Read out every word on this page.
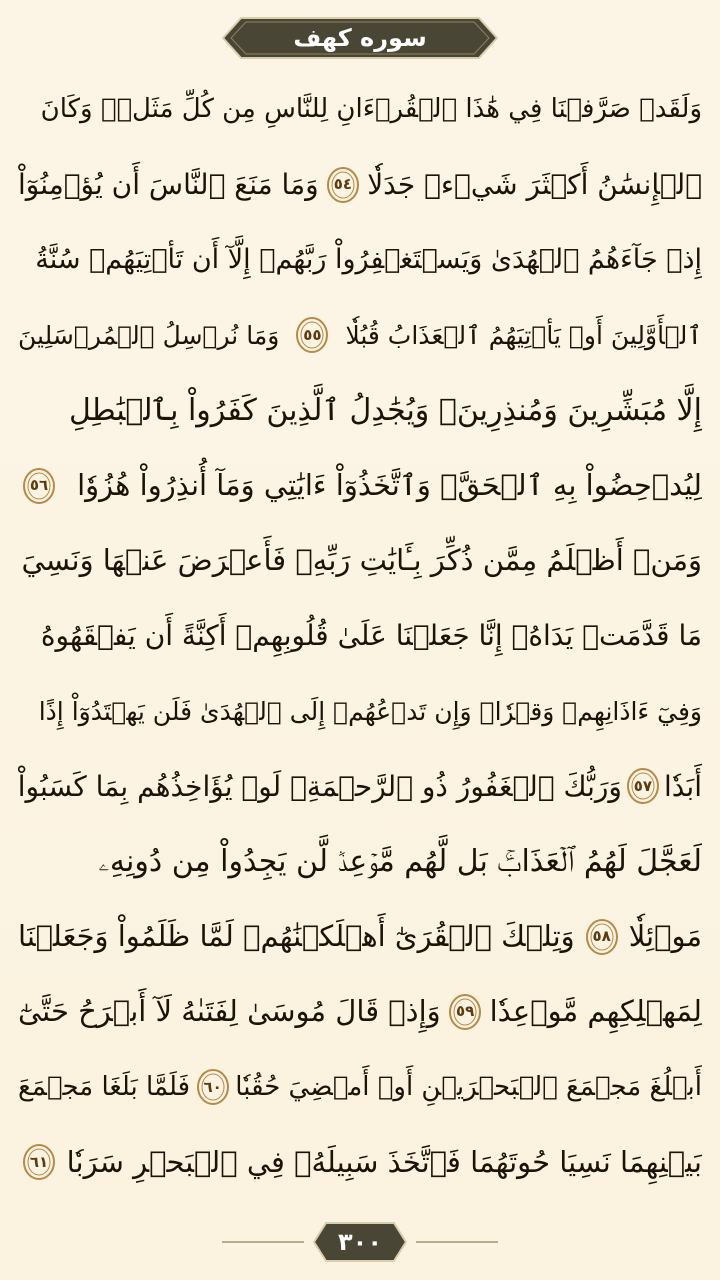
سوره کهف
وَلَقَدۡ صَرَّفۡنَا فِي هَٰذَا ٱلۡقُرۡءَانِ لِلنَّاسِ مِن كُلِّ مَثَلٖۚ وَكَانَ
ٱلۡإِنسَٰنُ أَكۡثَرَ شَيۡءٖ جَدَلٗا
٥٤
وَمَا مَنَعَ ٱلنَّاسَ أَن يُؤۡمِنُوٓاْ
إِذۡ جَآءَهُمُ ٱلۡهُدَىٰ وَيَسۡتَغۡفِرُواْ رَبَّهُمۡ إِلَّآ أَن تَأۡتِيَهُمۡ سُنَّةُ
ٱلۡأَوَّلِينَ أَوۡ يَأۡتِيَهُمُ ٱلۡعَذَابُ قُبُلٗا
٥٥
وَمَا نُرۡسِلُ ٱلۡمُرۡسَلِينَ
إِلَّا مُبَشِّرِينَ وَمُنذِرِينَۚ وَيُجَٰدِلُ ٱلَّذِينَ كَفَرُواْ بِٱلۡبَٰطِلِ
لِيُدۡحِضُواْ بِهِ ٱلۡحَقَّۖ وَٱتَّخَذُوٓاْ ءَايَٰتِي وَمَآ أُنذِرُواْ هُزُوٗا
٥٦
وَمَنۡ أَظۡلَمُ مِمَّن ذُكِّرَ بِـَٔايَٰتِ رَبِّهِۦ فَأَعۡرَضَ عَنۡهَا وَنَسِيَ
مَا قَدَّمَتۡ يَدَاهُۚ إِنَّا جَعَلۡنَا عَلَىٰ قُلُوبِهِمۡ أَكِنَّةً أَن يَفۡقَهُوهُ
وَفِيٓ ءَاذَانِهِمۡ وَقۡرٗاۖ وَإِن تَدۡعُهُمۡ إِلَى ٱلۡهُدَىٰ فَلَن يَهۡتَدُوٓاْ إِذًا
أَبَدٗا
٥٧
وَرَبُّكَ ٱلۡغَفُورُ ذُو ٱلرَّحۡمَةِۖ لَوۡ يُؤَاخِذُهُم بِمَا كَسَبُواْ
لَعَجَّلَ لَهُمُ ٱلۡعَذَابَۚ بَل لَّهُم مَّوۡعِدٞ لَّن يَجِدُواْ مِن دُونِهِۦ
مَوۡئِلٗا
٥٨
وَتِلۡكَ ٱلۡقُرَىٰٓ أَهۡلَكۡنَٰهُمۡ لَمَّا ظَلَمُواْ وَجَعَلۡنَا
لِمَهۡلِكِهِم مَّوۡعِدٗا
٥٩
وَإِذۡ قَالَ مُوسَىٰ لِفَتَىٰهُ لَآ أَبۡرَحُ حَتَّىٰٓ
أَبۡلُغَ مَجۡمَعَ ٱلۡبَحۡرَيۡنِ أَوۡ أَمۡضِيَ حُقُبٗا
٦٠
فَلَمَّا بَلَغَا مَجۡمَعَ
بَيۡنِهِمَا نَسِيَا حُوتَهُمَا فَٱتَّخَذَ سَبِيلَهُۥ فِي ٱلۡبَحۡرِ سَرَبٗا
٦١
٣٠٠
